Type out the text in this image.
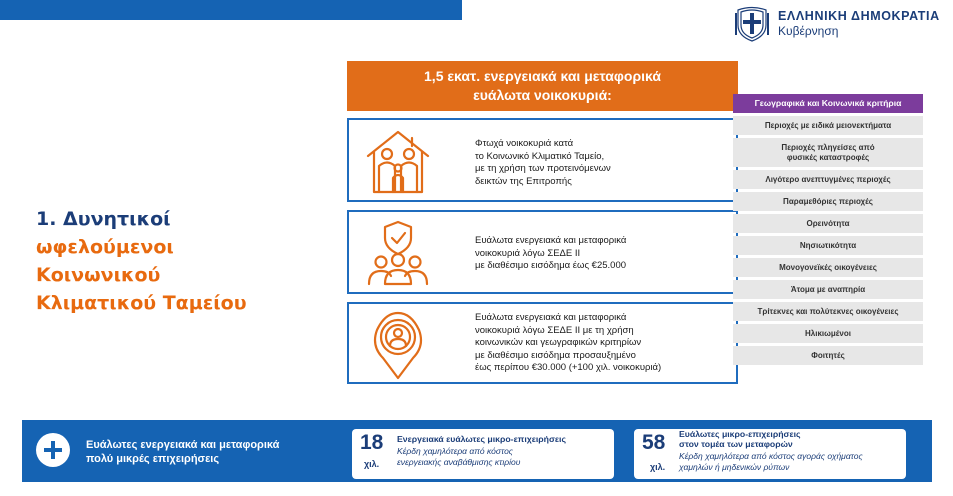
ΕΛΛΗΝΙΚΗ ΔΗΜΟΚΡΑΤΙΑ
Κυβέρνηση
1. Δυνητικοί
ωφελούμενοι
Κοινωνικού
Κλιματικού Ταμείου
1,5 εκατ. ενεργειακά και μεταφορικά
ευάλωτα νοικοκυριά:
Φτωχά νοικοκυριά κατά
το Κοινωνικό Κλιματικό Ταμείο,
με τη χρήση των προτεινόμενων
δεικτών της Επιτροπής
Ευάλωτα ενεργειακά και μεταφορικά
νοικοκυριά λόγω ΣΕΔΕ ΙΙ
με διαθέσιμο εισόδημα έως €25.000
Ευάλωτα ενεργειακά και μεταφορικά
νοικοκυριά λόγω ΣΕΔΕ ΙΙ με τη χρήση
κοινωνικών και γεωγραφικών κριτηρίων
με διαθέσιμο εισόδημα προσαυξημένο
έως περίπου €30.000 (+100 χιλ. νοικοκυριά)
Γεωγραφικά και Κοινωνικά κριτήρια
Περιοχές με ειδικά μειονεκτήματα
Περιοχές πληγείσες από
φυσικές καταστροφές
Λιγότερο ανεπτυγμένες περιοχές
Παραμεθόριες περιοχές
Ορεινότητα
Νησιωτικότητα
Μονογονεϊκές οικογένειες
Άτομα με αναπηρία
Τρίτεκνες και πολύτεκνες οικογένειες
Ηλικιωμένοι
Φοιτητές
Ευάλωτες ενεργειακά και μεταφορικά
πολύ μικρές επιχειρήσεις
18
χιλ.
Ενεργειακά ευάλωτες μικρο-επιχειρήσεις
Κέρδη χαμηλότερα από κόστος
ενεργειακής αναβάθμισης κτιρίου
58
χιλ.
Ευάλωτες μικρο-επιχειρήσεις
στον τομέα των μεταφορών
Κέρδη χαμηλότερα από κόστος αγοράς οχήματος
χαμηλών ή μηδενικών ρύπων
